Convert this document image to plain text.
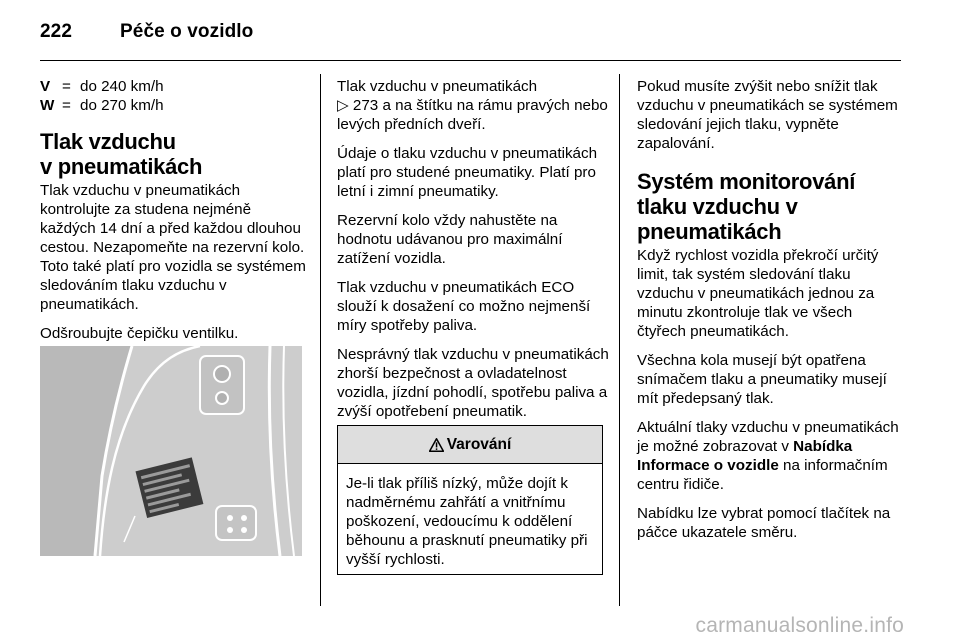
222	Péče o vozidlo
V = do 240 km/h
W = do 270 km/h
Tlak vzduchu
v pneumatikách

Tlak vzduchu v pneumatikách kontrolujte za studena nejméně každých 14 dní a před každou dlouhou cestou. Nezapomeňte na rezervní kolo. Toto také platí pro vozidla se systémem sledováním tlaku vzduchu v pneumatikách.

Odšroubujte čepičku ventilku.

Tlak vzduchu v pneumatikách
▷ 273 a na štítku na rámu pravých nebo levých předních dveří.

Údaje o tlaku vzduchu v pneumatikách platí pro studené pneumatiky. Platí pro letní i zimní pneumatiky.

Rezervní kolo vždy nahustěte na hodnotu udávanou pro maximální zatížení vozidla.

Tlak vzduchu v pneumatikách ECO slouží k dosažení co možno nejmenší míry spotřeby paliva.

Nesprávný tlak vzduchu v pneumatikách zhorší bezpečnost a ovladatelnost vozidla, jízdní pohodlí, spotřebu paliva a zvýší opotřebení pneumatik.

Varování
Je-li tlak příliš nízký, může dojít k nadměrnému zahřátí a vnitřnímu poškození, vedoucímu k oddělení běhounu a prasknutí pneumatiky při vyšší rychlosti.

Pokud musíte zvýšit nebo snížit tlak vzduchu v pneumatikách se systémem sledování jejich tlaku, vypněte zapalování.

Systém monitorování tlaku vzduchu v pneumatikách

Když rychlost vozidla překročí určitý limit, tak systém sledování tlaku vzduchu v pneumatikách jednou za minutu zkontroluje tlak ve všech čtyřech pneumatikách.

Všechna kola musejí být opatřena snímačem tlaku a pneumatiky musejí mít předepsaný tlak.

Aktuální tlaky vzduchu v pneumatikách je možné zobrazovat v Nabídka Informace o vozidle na informačním centru řidiče.

Nabídku lze vybrat pomocí tlačítek na páčce ukazatele směru.

carmanualsonline.info
